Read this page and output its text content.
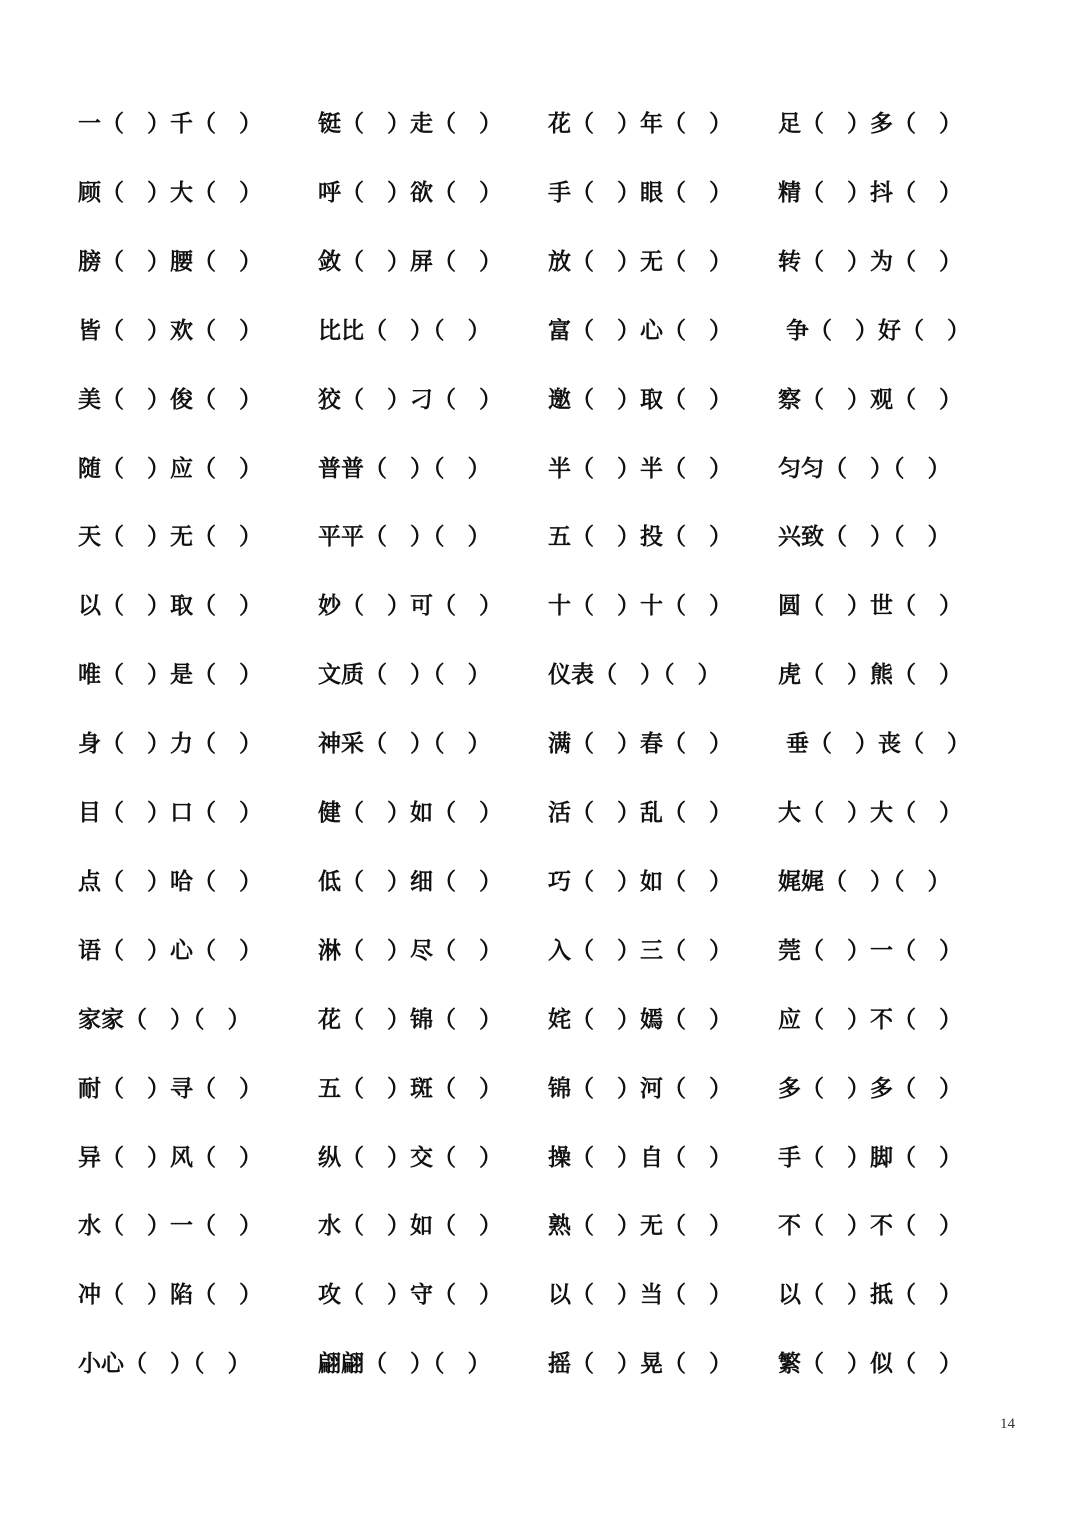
一（　）千（　） 铤（　）走（　） 花（　）年（　） 足（　）多（　）
顾（　）大（　） 呼（　）欲（　） 手（　）眼（　） 精（　）抖（　）
膀（　）腰（　） 敛（　）屏（　） 放（　）无（　） 转（　）为（　）
皆（　）欢（　） 比比（　）（　）	富（　）心（　） 争（　）好（　）
美（　）俊（　） 狡（　）刁（　） 邀（　）取（　） 察（　）观（　）
随（　）应（　） 普普（　）（　）	半（　）半（　） 匀匀（　）（　）
天（　）无（　） 平平（　）（　）	五（　）投（　） 兴致（　）（　）
以（　）取（　） 妙（　）可（　） 十（　）十（　） 圆（　）世（　）
唯（　）是（　） 文质（　）（　）	仪表（　）（　）	虎（　）熊（　）
身（　）力（　） 神采（　）（　）	满（　）春（　） 垂（　）丧（　）
目（　）口（　） 健（　）如（　） 活（　）乱（　） 大（　）大（　）
点（　）哈（　） 低（　）细（　） 巧（　）如（　） 娓娓（　）（　）
语（　）心（　） 淋（　）尽（　） 入（　）三（　） 莞（　）一（　）
家家（　）（　）	花（　）锦（　） 姹（　）嫣（　） 应（　）不（　）
耐（　）寻（　） 五（　）斑（　） 锦（　）河（　） 多（　）多（　）
异（　）风（　） 纵（　）交（　） 操（　）自（　） 手（　）脚（　）
水（　）一（　） 水（　）如（　） 熟（　）无（　） 不（　）不（　）
冲（　）陷（　） 攻（　）守（　） 以（　）当（　） 以（　）抵（　）
小心（　）（　）	翩翩（　）（　）	摇（　）晃（　） 繁（　）似（　）
14
